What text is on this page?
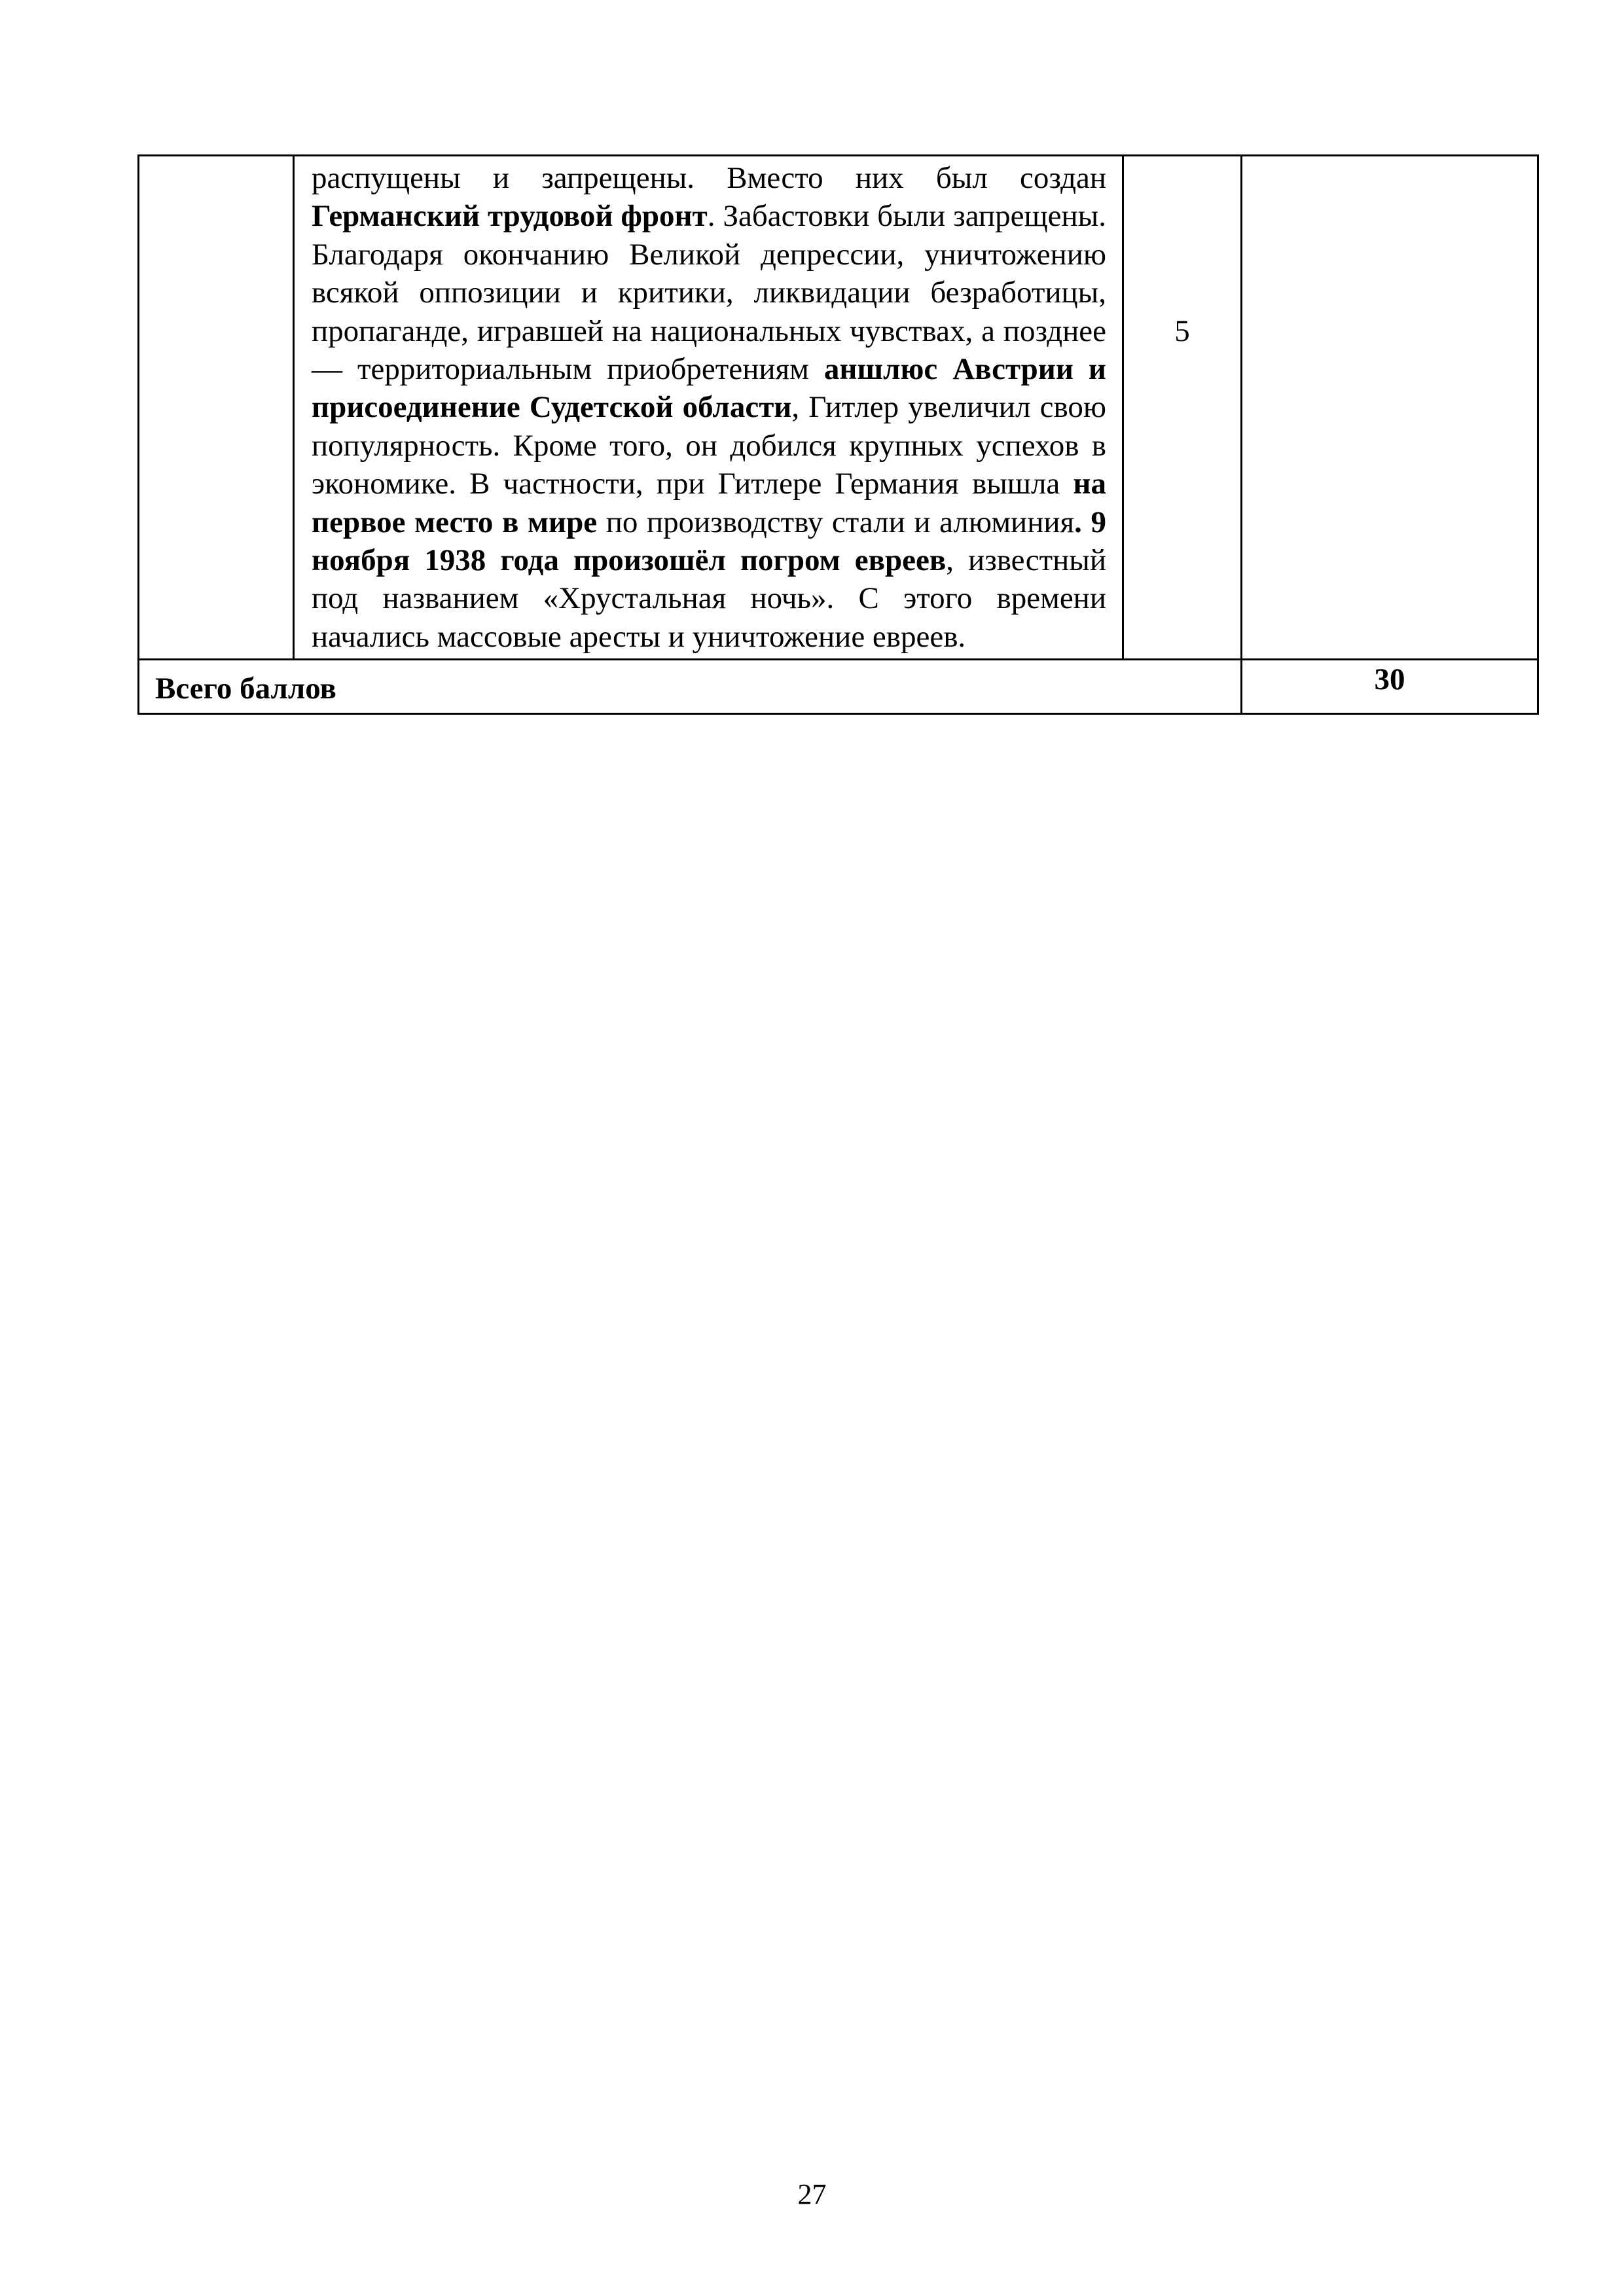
	распущены и запрещены. Вместо них был создан Германский трудовой фронт. Забастовки были запрещены. Благодаря окончанию Великой депрессии, уничтожению всякой оппозиции и критики, ликвидации безработицы, пропаганде, игравшей на национальных чувствах, а позднее — территориальным приобретениям аншлюс Австрии и присоединение Судетской области, Гитлер увеличил свою популярность. Кроме того, он добился крупных успехов в экономике. В частности, при Гитлере Германия вышла на первое место в мире по производству стали и алюминия. 9 ноября 1938 года произошёл погром евреев, известный под названием «Хрустальная ночь». С этого времени начались массовые аресты и уничтожение евреев.	5	

Всего баллов			30
27
